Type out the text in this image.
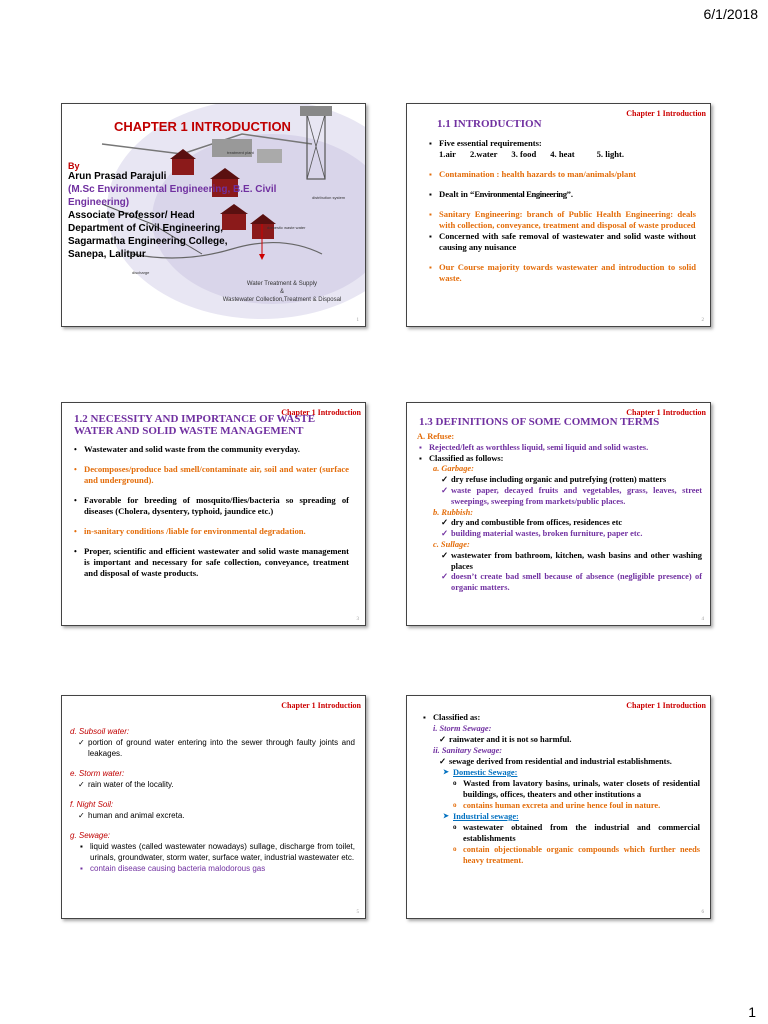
6/1/2018
treatment plant
domestic waste water
distribution system
discharge
CHAPTER 1 INTRODUCTION
By
Arun Prasad Parajuli
(M.Sc Environmental Engineering, B.E. Civil Engineering)
Associate Professor/ Head
Department of Civil Engineering,
Sagarmatha Engineering College,
Sanepa, Lalitpur
Water Treatment & Supply
&
Wastewater Collection,Treatment & Disposal
1
Chapter 1 Introduction
1.1 INTRODUCTION
▪ Five essential requirements:
1.air 2.water 3. food 4. heat	5. light.
▪ Contamination : health hazards to man/animals/plant
▪ Dealt in “Environmental Engineering”.
▪ Sanitary Engineering: branch of Public Health Engineering: deals with collection, conveyance, treatment and disposal of waste produced
▪ Concerned with safe removal of wastewater and solid waste without causing any nuisance
▪ Our Course majority towards wastewater and introduction to solid waste.
2
Chapter 1 Introduction
1.2 NECESSITY AND IMPORTANCE OF WASTE WATER AND SOLID WASTE MANAGEMENT
• Wastewater and solid waste from the community everyday.
• Decomposes/produce bad smell/contaminate air, soil and water (surface and underground).
• Favorable for breeding of mosquito/flies/bacteria so spreading of diseases (Cholera, dysentery, typhoid, jaundice etc.)
• in-sanitary conditions /liable for environmental degradation.
• Proper, scientific and efficient wastewater and solid waste management is important and necessary for safe collection, conveyance, treatment and disposal of waste products.
3
Chapter 1 Introduction
1.3 DEFINITIONS OF SOME COMMON TERMS
A. Refuse:
▪ Rejected/left as worthless liquid, semi liquid and solid wastes.
▪ Classified as follows:
a. Garbage:
✓ dry refuse including organic and putrefying (rotten) matters
✓ waste paper, decayed fruits and vegetables, grass, leaves, street sweepings, sweeping from markets/public places.
b. Rubbish:
✓ dry and combustible from offices, residences etc
✓ building material wastes, broken furniture, paper etc.
c. Sullage:
✓ wastewater from bathroom, kitchen, wash basins and other washing places
✓ doesn’t create bad smell because of absence (negligible presence) of organic matters.
4
Chapter 1 Introduction
d. Subsoil water:
✓ portion of ground water entering into the sewer through faulty joints and leakages.
e. Storm water:
✓ rain water of the locality.
f. Night Soil:
✓ human and animal excreta.
g. Sewage:
▪ liquid wastes (called wastewater nowadays) sullage, discharge from toilet, urinals, groundwater, storm water, surface water, industrial wastewater etc.
▪ contain disease causing bacteria malodorous gas
5
Chapter 1 Introduction
▪ Classified as:
i. Storm Sewage:
✓ rainwater and it is not so harmful.
ii. Sanitary Sewage:
✓ sewage derived from residential and industrial establishments.
➤ Domestic Sewage:
o Wasted from lavatory basins, urinals, water closets of residential buildings, offices, theaters and other institutions a
o contains human excreta and urine hence foul in nature.
➤ Industrial sewage:
o wastewater obtained from the industrial and commercial establishments
o contain objectionable organic compounds which further needs heavy treatment.
6
1
